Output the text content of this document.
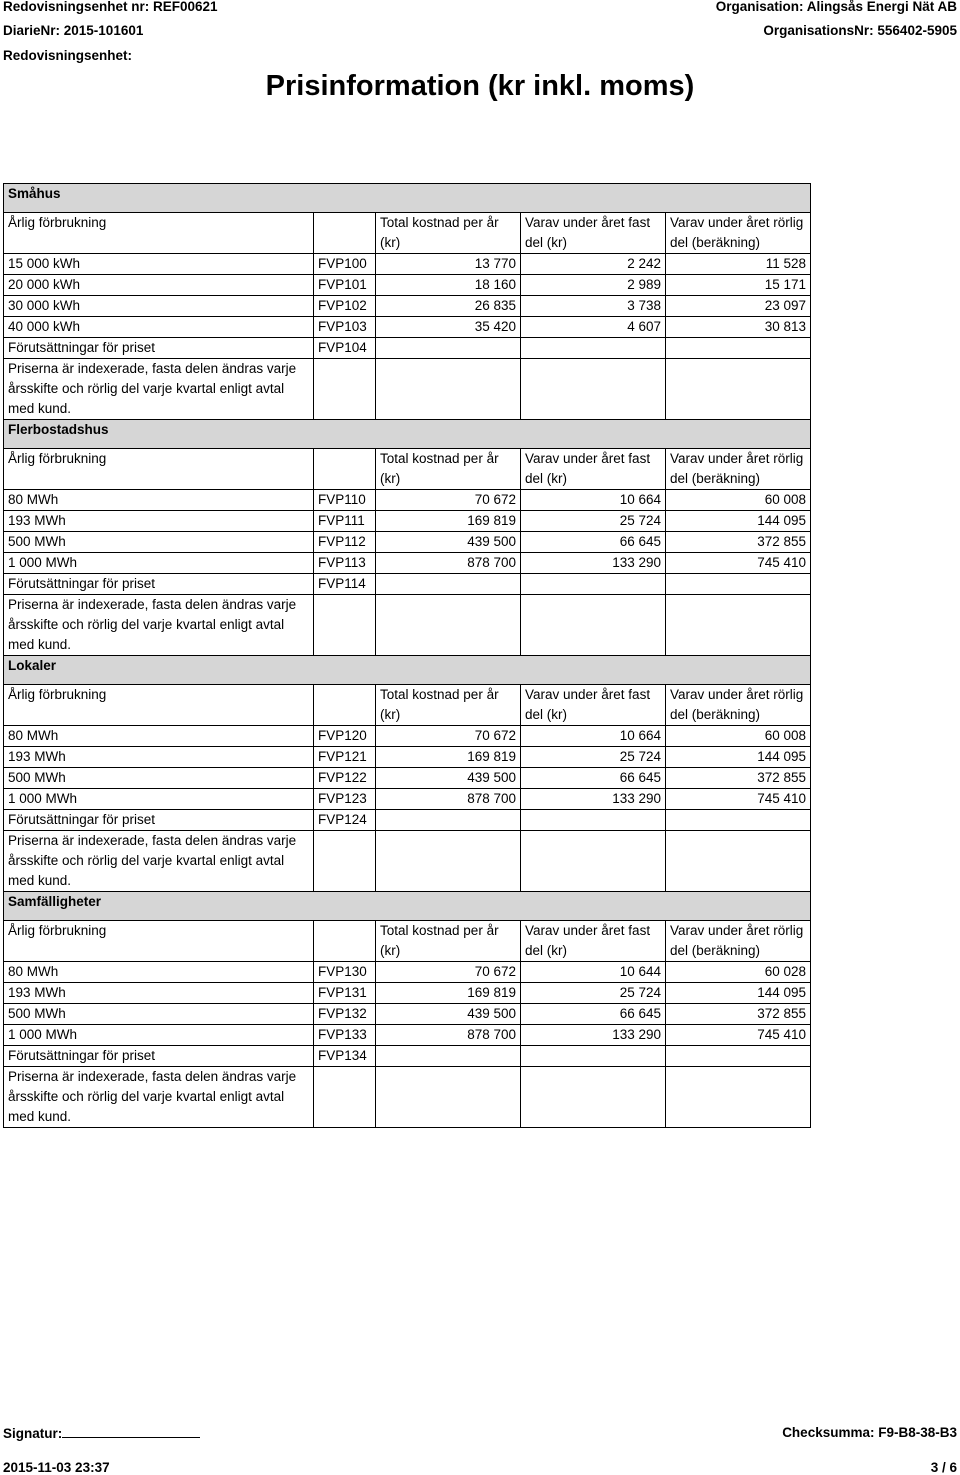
Redovisningsenhet nr: REF00621
DiarieNr: 2015-101601
Redovisningsenhet:
Organisation: Alingsås Energi Nät AB
OrganisationsNr: 556402-5905
Prisinformation (kr inkl. moms)
Småhus				
Årlig förbrukning		Total kostnad per år (kr)	Varav under året fast del (kr)	Varav under året rörlig del (beräkning)
15 000 kWh	FVP100	13 770	2 242	11 528
20 000 kWh	FVP101	18 160	2 989	15 171
30 000 kWh	FVP102	26 835	3 738	23 097
40 000 kWh	FVP103	35 420	4 607	30 813
Förutsättningar för priset	FVP104			
Priserna är indexerade, fasta delen ändras varje årsskifte och rörlig del varje kvartal enligt avtal med kund.				
Flerbostadshus				
Årlig förbrukning		Total kostnad per år (kr)	Varav under året fast del (kr)	Varav under året rörlig del (beräkning)
80 MWh	FVP110	70 672	10 664	60 008
193 MWh	FVP111	169 819	25 724	144 095
500 MWh	FVP112	439 500	66 645	372 855
1 000 MWh	FVP113	878 700	133 290	745 410
Förutsättningar för priset	FVP114			
Priserna är indexerade, fasta delen ändras varje årsskifte och rörlig del varje kvartal enligt avtal med kund.				
Lokaler				
Årlig förbrukning		Total kostnad per år (kr)	Varav under året fast del (kr)	Varav under året rörlig del (beräkning)
80 MWh	FVP120	70 672	10 664	60 008
193 MWh	FVP121	169 819	25 724	144 095
500 MWh	FVP122	439 500	66 645	372 855
1 000 MWh	FVP123	878 700	133 290	745 410
Förutsättningar för priset	FVP124			
Priserna är indexerade, fasta delen ändras varje årsskifte och rörlig del varje kvartal enligt avtal med kund.				
Samfälligheter				
Årlig förbrukning		Total kostnad per år (kr)	Varav under året fast del (kr)	Varav under året rörlig del (beräkning)
80 MWh	FVP130	70 672	10 644	60 028
193 MWh	FVP131	169 819	25 724	144 095
500 MWh	FVP132	439 500	66 645	372 855
1 000 MWh	FVP133	878 700	133 290	745 410
Förutsättningar för priset	FVP134			
Priserna är indexerade, fasta delen ändras varje årsskifte och rörlig del varje kvartal enligt avtal med kund.				
Signatur:	Checksumma: F9-B8-38-B3
2015-11-03 23:37	3 / 6
